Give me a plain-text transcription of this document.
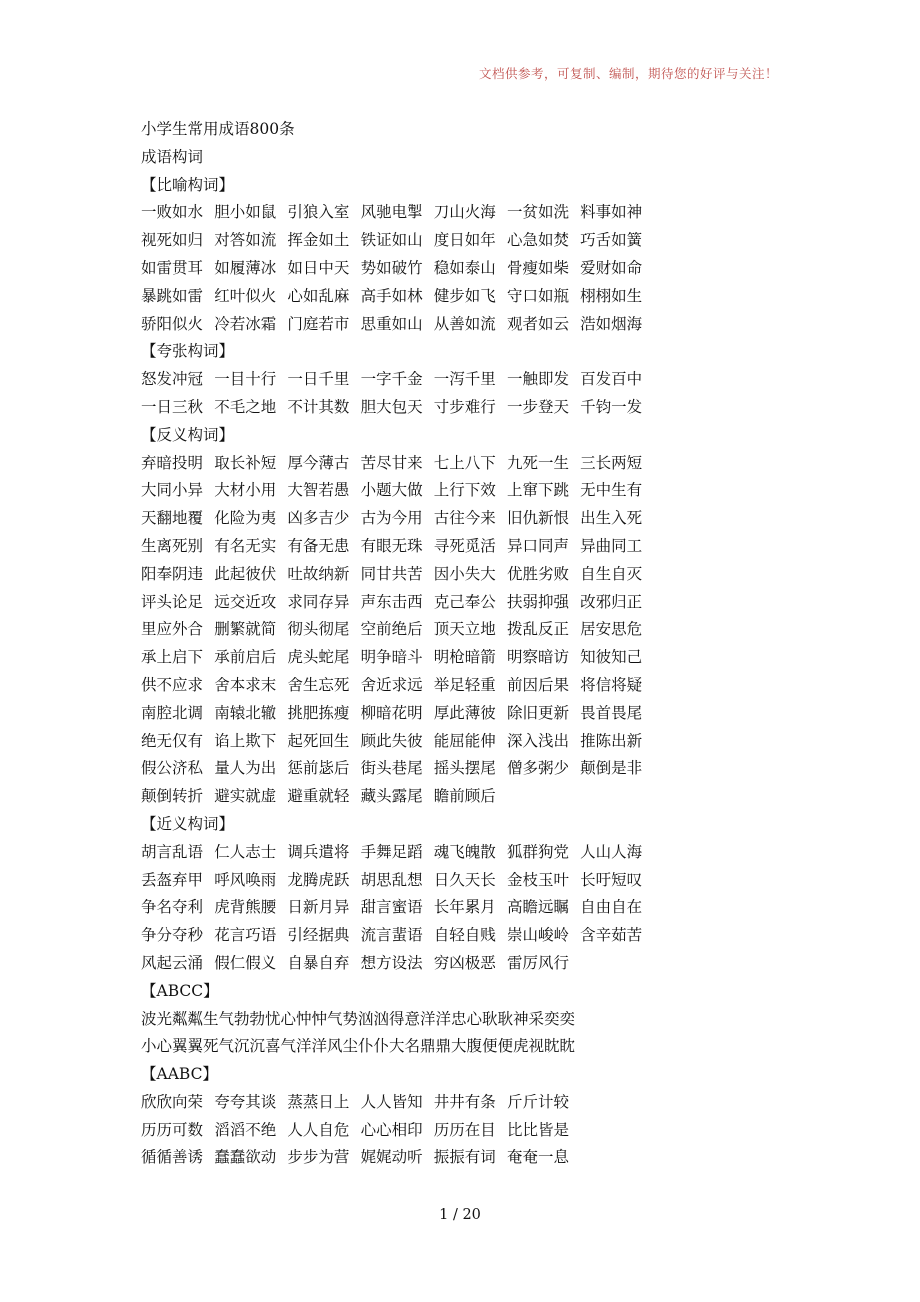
文档供参考，可复制、编制，期待您的好评与关注！
小学生常用成语800条
成语构词
【比喻构词】
一败如水 胆小如鼠 引狼入室 风驰电掣 刀山火海 一贫如洗 料事如神
视死如归 对答如流 挥金如土 铁证如山 度日如年 心急如焚 巧舌如簧
如雷贯耳 如履薄冰 如日中天 势如破竹 稳如泰山 骨瘦如柴 爱财如命
暴跳如雷 红叶似火 心如乱麻 高手如林 健步如飞 守口如瓶 栩栩如生
骄阳似火 冷若冰霜 门庭若市 思重如山 从善如流 观者如云 浩如烟海
【夸张构词】
怒发冲冠 一目十行 一日千里 一字千金 一泻千里 一触即发 百发百中
一日三秋 不毛之地 不计其数 胆大包天 寸步难行 一步登天 千钧一发
【反义构词】
弃暗投明 取长补短 厚今薄古 苦尽甘来 七上八下 九死一生 三长两短
大同小异 大材小用 大智若愚 小题大做 上行下效 上窜下跳 无中生有
天翻地覆 化险为夷 凶多吉少 古为今用 古往今来 旧仇新恨 出生入死
生离死别 有名无实 有备无患 有眼无珠 寻死觅活 异口同声 异曲同工
阳奉阴违 此起彼伏 吐故纳新 同甘共苦 因小失大 优胜劣败 自生自灭
评头论足 远交近攻 求同存异 声东击西 克己奉公 扶弱抑强 改邪归正
里应外合 删繁就简 彻头彻尾 空前绝后 顶天立地 拨乱反正 居安思危
承上启下 承前启后 虎头蛇尾 明争暗斗 明枪暗箭 明察暗访 知彼知己
供不应求 舍本求末 舍生忘死 舍近求远 举足轻重 前因后果 将信将疑
南腔北调 南辕北辙 挑肥拣瘦 柳暗花明 厚此薄彼 除旧更新 畏首畏尾
绝无仅有 谄上欺下 起死回生 顾此失彼 能屈能伸 深入浅出 推陈出新
假公济私 量人为出 惩前毖后 街头巷尾 摇头摆尾 僧多粥少 颠倒是非
颠倒转折 避实就虚 避重就轻 藏头露尾 瞻前顾后
【近义构词】
胡言乱语 仁人志士 调兵遣将 手舞足蹈 魂飞魄散 狐群狗党 人山人海
丢盔弃甲 呼风唤雨 龙腾虎跃 胡思乱想 日久天长 金枝玉叶 长吁短叹
争名夺利 虎背熊腰 日新月异 甜言蜜语 长年累月 高瞻远瞩 自由自在
争分夺秒 花言巧语 引经据典 流言蜚语 自轻自贱 崇山峻岭 含辛茹苦
风起云涌 假仁假义 自暴自弃 想方设法 穷凶极恶 雷厉风行
【ABCC】
波光粼粼生气勃勃忧心忡忡气势汹汹得意洋洋忠心耿耿神采奕奕
小心翼翼死气沉沉喜气洋洋风尘仆仆大名鼎鼎大腹便便虎视眈眈
【AABC】
欣欣向荣 夸夸其谈 蒸蒸日上 人人皆知 井井有条 斤斤计较
历历可数 滔滔不绝 人人自危 心心相印 历历在目 比比皆是
循循善诱 蠢蠢欲动 步步为营 娓娓动听 振振有词 奄奄一息
1 / 20
